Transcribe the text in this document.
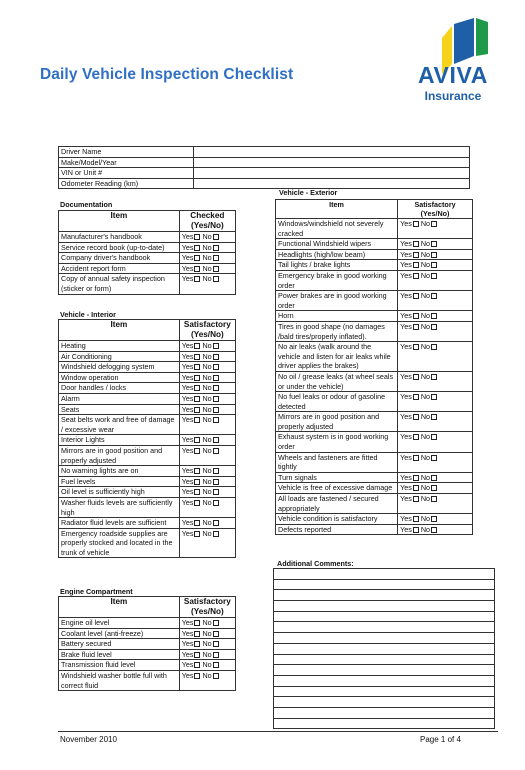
Daily Vehicle Inspection Checklist	AVIVA
Insurance
Driver Name	
Make/Model/Year	
VIN or Unit #	
Odometer Reading (km)	
Documentation
Item	Checked (Yes/No)
Manufacturer's handbook	Yes No
Service record book (up-to-date)	Yes No
Company driver's handbook	Yes No
Accident report form	Yes No
Copy of annual safety inspection (sticker or form)	Yes No
Vehicle - Interior
Item	Satisfactory (Yes/No)
Heating	Yes No
Air Conditioning	Yes No
Windshield defogging system	Yes No
Window operation	Yes No
Door handles / locks	Yes No
Alarm	Yes No
Seats	Yes No
Seat belts work and free of damage / excessive wear	Yes No
Interior Lights	Yes No
Mirrors are in good position and properly adjusted	Yes No
No warning lights are on	Yes No
Fuel levels	Yes No
Oil level is sufficiently high	Yes No
Washer fluids levels are sufficiently high	Yes No
Radiator fluid levels are sufficient	Yes No
Emergency roadside supplies are properly stocked and located in the trunk of vehicle	Yes No
Engine Compartment
Item	Satisfactory (Yes/No)
Engine oil level	Yes No
Coolant level (anti-freeze)	Yes No
Battery secured	Yes No
Brake fluid level	Yes No
Transmission fluid level	Yes No
Windshield washer bottle full with correct fluid	Yes No
Vehicle - Exterior
Item	Satisfactory (Yes/No)
Windows/windshield not severely cracked	Yes No
Functional Windshield wipers	Yes No
Headlights (high/low beam)	Yes No
Tail lights / brake lights	Yes No
Emergency brake in good working order	Yes No
Power brakes are in good working order	Yes No
Horn	Yes No
Tires in good shape (no damages /bald tires/properly inflated).	Yes No
No air leaks (walk around the vehicle and listen for air leaks while driver applies the brakes)	Yes No
No oil / grease leaks (at wheel seals or under the vehicle)	Yes No
No fuel leaks or odour of gasoline detected	Yes No
Mirrors are in good position and properly adjusted	Yes No
Exhaust system is in good working order	Yes No
Wheels and fasteners are fitted tightly	Yes No
Turn signals	Yes No
Vehicle is free of excessive damage	Yes No
All loads are fastened / secured appropriately	Yes No
Vehicle condition is satisfactory	Yes No
Defects reported	Yes No
Additional Comments:

November 2010	Page 1 of 4
